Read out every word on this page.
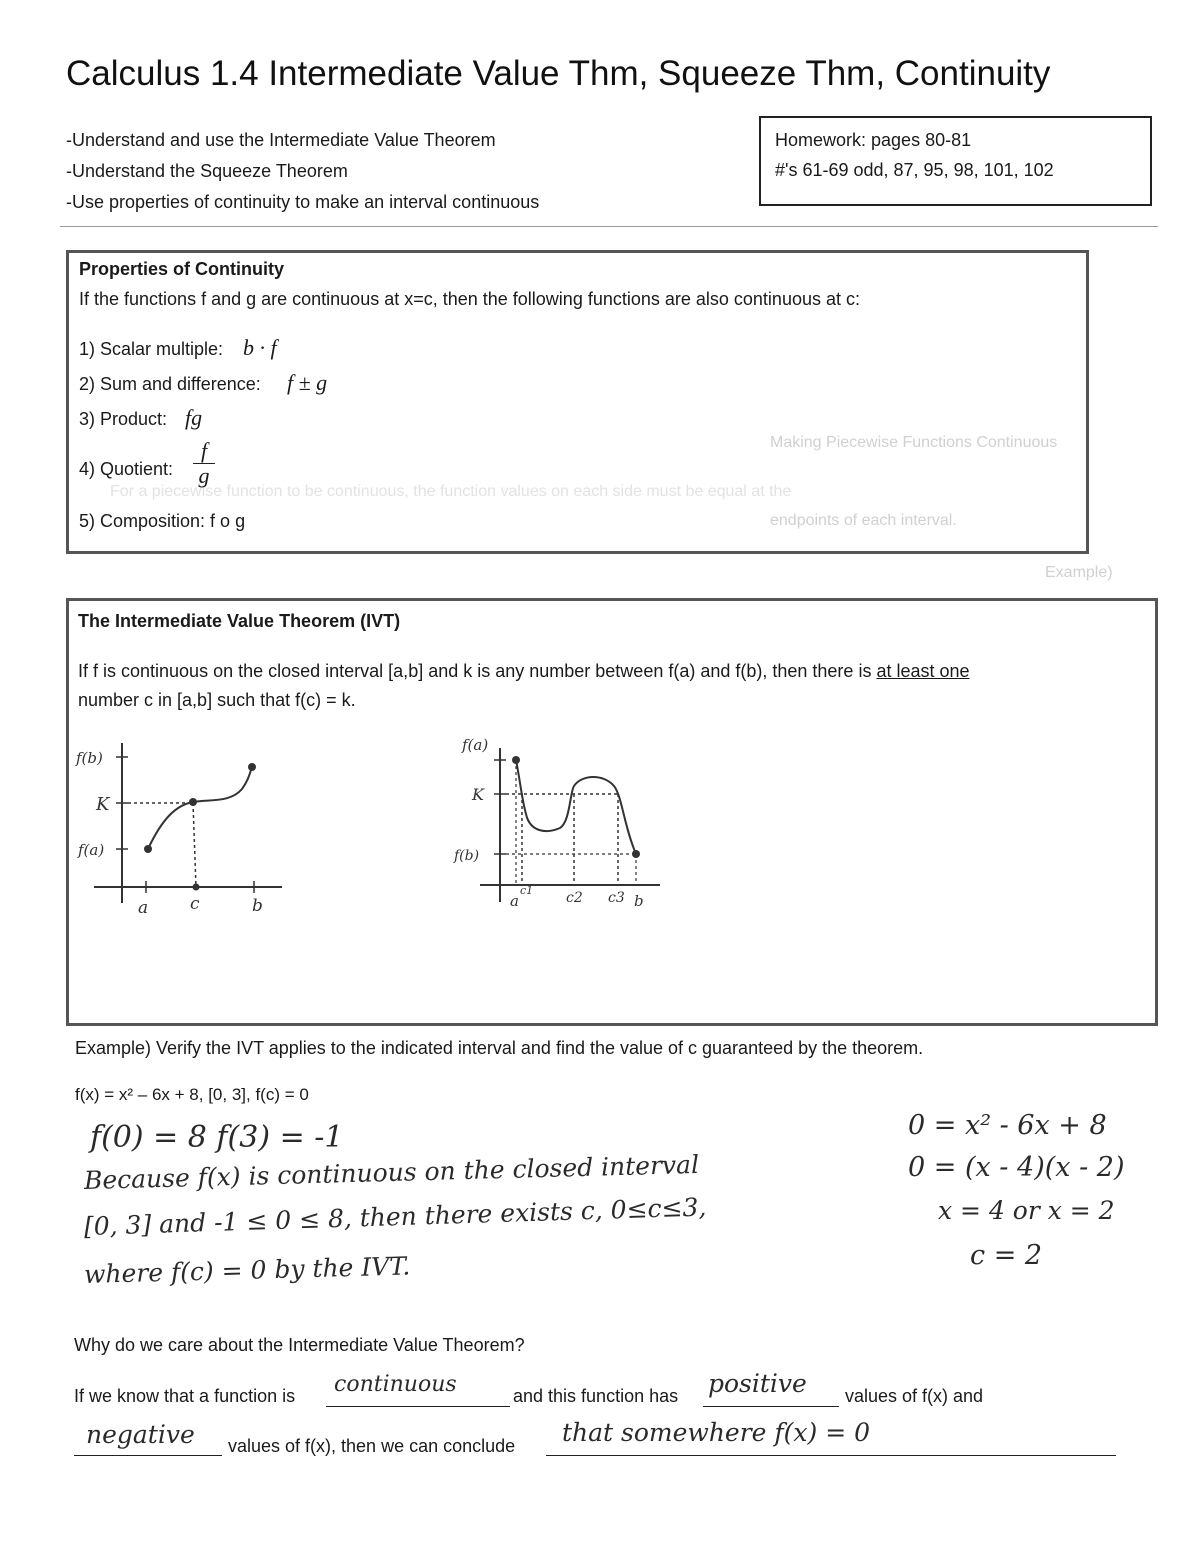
Making Piecewise Functions Continuous
For a piecewise function to be continuous, the function values on each side must be equal at the
endpoints of each interval.
Example)
Calculus 1.4 Intermediate Value Thm, Squeeze Thm, Continuity
-Understand and use the Intermediate Value Theorem
-Understand the Squeeze Theorem
-Use properties of continuity to make an interval continuous
Homework: pages 80-81
#'s 61-69 odd, 87, 95, 98, 101, 102
Properties of Continuity
If the functions f and g are continuous at x=c, then the following functions are also continuous at c:
1) Scalar multiple: b · f
2) Sum and difference: f ± g
3) Product: fg
4) Quotient: $\frac{f}{g}$
5) Composition: f o g
The Intermediate Value Theorem (IVT)
If f is continuous on the closed interval [a,b] and k is any number between f(a) and f(b), then there is at least one
number c in [a,b] such that f(c) = k.
f(b)
K
f(a)
a c	b
f(a)
K
f(b)
a
c1 c2 c3 b
Example) Verify the IVT applies to the indicated interval and find the value of c guaranteed by the theorem.
f(x) = x² – 6x + 8, [0, 3], f(c) = 0
f(0) = 8 f(3) = -1
Because f(x) is continuous on the closed interval
[0, 3] and -1 ≤ 0 ≤ 8, then there exists c, 0≤c≤3,
where f(c) = 0 by the IVT.
0 = x² - 6x + 8
0 = (x - 4)(x - 2)
x = 4 or x = 2
c = 2
Why do we care about the Intermediate Value Theorem?
If we know that a function is continuous	and this function has positive values of f(x) and
negative values of f(x), then we can conclude that somewhere f(x) = 0
